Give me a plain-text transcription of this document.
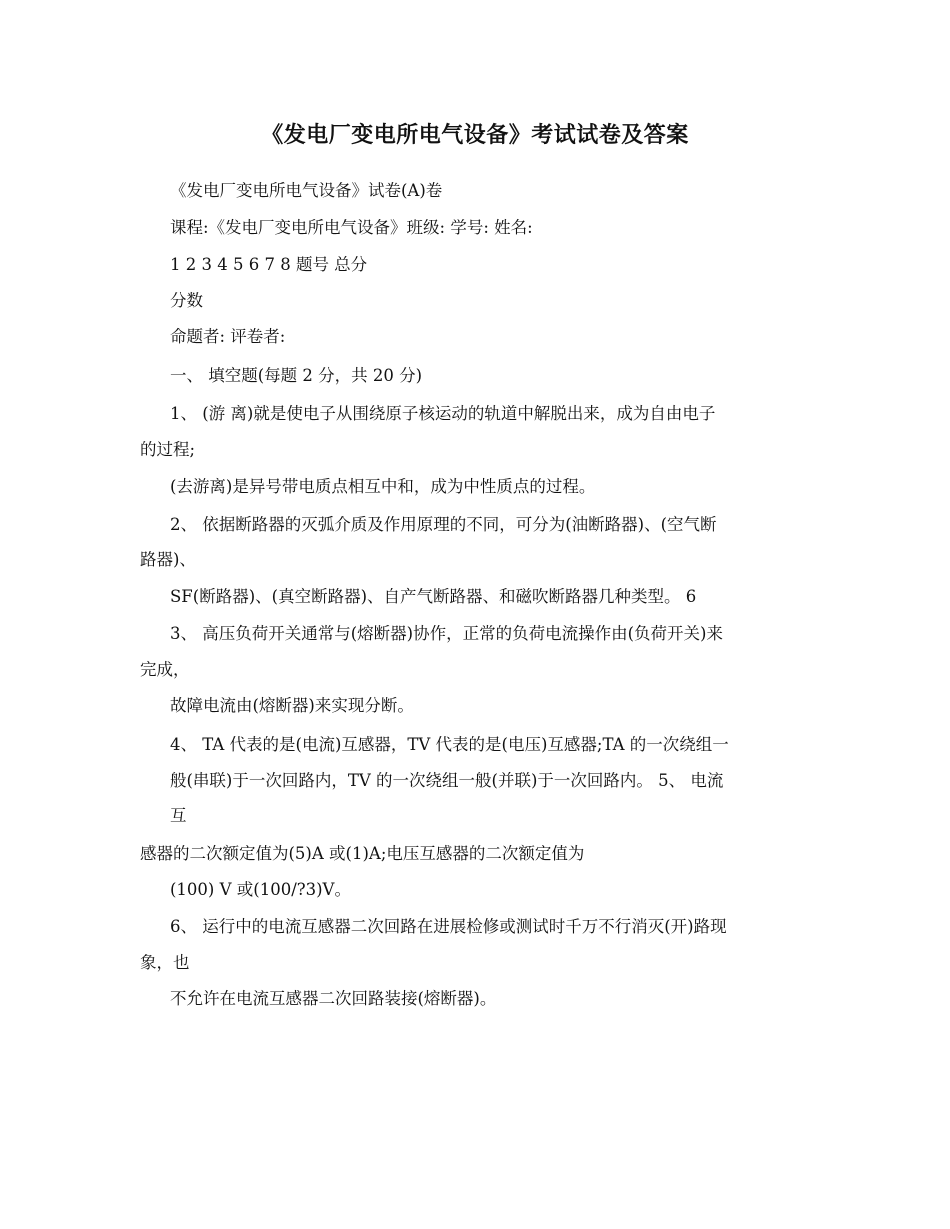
《发电厂变电所电气设备》考试试卷及答案
《发电厂变电所电气设备》试卷(A)卷
课程:《发电厂变电所电气设备》班级: 学号: 姓名:
1 2 3 4 5 6 7 8 题号 总分
分数
命题者: 评卷者:
一、 填空题(每题 2 分，共 20 分)
1、 (游 离)就是使电子从围绕原子核运动的轨道中解脱出来，成为自由电子
的过程;
(去游离)是异号带电质点相互中和，成为中性质点的过程。
2、 依据断路器的灭弧介质及作用原理的不同，可分为(油断路器)、(空气断
路器)、
SF(断路器)、(真空断路器)、自产气断路器、和磁吹断路器几种类型。 6
3、 高压负荷开关通常与(熔断器)协作，正常的负荷电流操作由(负荷开关)来
完成，
故障电流由(熔断器)来实现分断。
4、 TA 代表的是(电流)互感器，TV 代表的是(电压)互感器;TA 的一次绕组一
般(串联)于一次回路内，TV 的一次绕组一般(并联)于一次回路内。 5、 电流
互
感器的二次额定值为(5)A 或(1)A;电压互感器的二次额定值为
(100) V 或(100/?3)V。
6、 运行中的电流互感器二次回路在进展检修或测试时千万不行消灭(开)路现
象，也
不允许在电流互感器二次回路装接(熔断器)。
